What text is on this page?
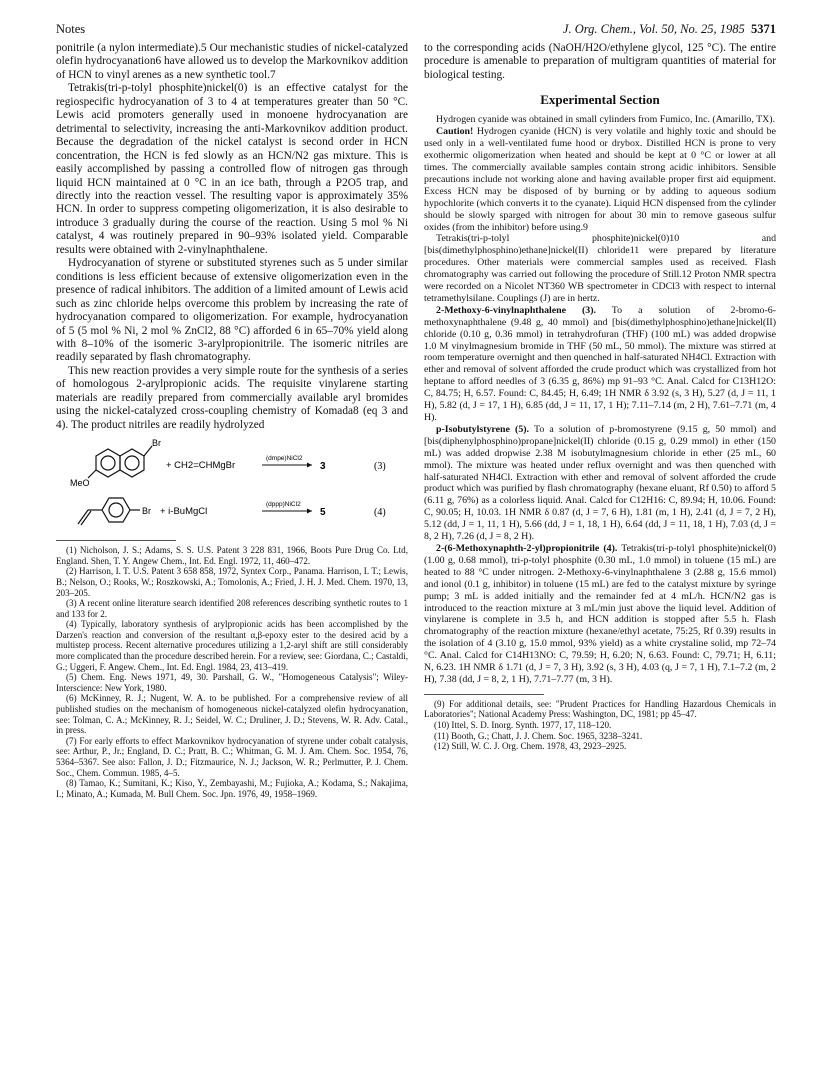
Notes	J. Org. Chem., Vol. 50, No. 25, 1985 5371

ponitrile (a nylon intermediate).5 Our mechanistic studies of nickel-catalyzed olefin hydrocyanation6 have allowed us to develop the Markovnikov addition of HCN to vinyl arenes as a new synthetic tool.7

Tetrakis(tri-p-tolyl phosphite)nickel(0) is an effective catalyst for the regiospecific hydrocyanation of 3 to 4 at temperatures greater than 50 °C. Lewis acid promoters generally used in monoene hydrocyanation are detrimental to selectivity, increasing the anti-Markovnikov addition product. Because the degradation of the nickel catalyst is second order in HCN concentration, the HCN is fed slowly as an HCN/N2 gas mixture. This is easily accomplished by passing a controlled flow of nitrogen gas through liquid HCN maintained at 0 °C in an ice bath, through a P2O5 trap, and directly into the reaction vessel. The resulting vapor is approximately 35% HCN. In order to suppress competing oligomerization, it is also desirable to introduce 3 gradually during the course of the reaction. Using 5 mol % Ni catalyst, 4 was routinely prepared in 90–93% isolated yield. Comparable results were obtained with 2-vinylnaphthalene.

Hydrocyanation of styrene or substituted styrenes such as 5 under similar conditions is less efficient because of extensive oligomerization even in the presence of radical inhibitors. The addition of a limited amount of Lewis acid such as zinc chloride helps overcome this problem by increasing the rate of hydrocyanation compared to oligomerization. For example, hydrocyanation of 5 (5 mol % Ni, 2 mol % ZnCl2, 88 °C) afforded 6 in 65–70% yield along with 8–10% of the isomeric 3-arylpropionitrile. The isomeric nitriles are readily separated by flash chromatography.

This new reaction provides a very simple route for the synthesis of a series of homologous 2-arylpropionic acids. The requisite vinylarene starting materials are readily prepared from commercially available aryl bromides using the nickel-catalyzed cross-coupling chemistry of Komada8 (eq 3 and 4). The product nitriles are readily hydrolyzed

Br
MeO
+ CH2=CHMgBr
(dmpe)NiCl2
3	(3)
Br + i-BuMgCl
(dppp)NiCl2
5	(4)

(1) Nicholson, J. S.; Adams, S. S. U.S. Patent 3 228 831, 1966, Boots Pure Drug Co. Ltd, England. Shen, T. Y. Angew Chem., Int. Ed. Engl. 1972, 11, 460–472.

(2) Harrison, I. T. U.S. Patent 3 658 858, 1972, Syntex Corp., Panama. Harrison, I. T.; Lewis, B.; Nelson, O.; Rooks, W.; Roszkowski, A.; Tomolonis, A.; Fried, J. H. J. Med. Chem. 1970, 13, 203–205.

(3) A recent online literature search identified 208 references describing synthetic routes to 1 and 133 for 2.

(4) Typically, laboratory synthesis of arylpropionic acids has been accomplished by the Darzen's reaction and conversion of the resultant α,β-epoxy ester to the desired acid by a multistep process. Recent alternative procedures utilizing a 1,2-aryl shift are still considerably more complicated than the procedure described herein. For a review, see: Giordana, C.; Castaldi, G.; Uggeri, F. Angew. Chem., Int. Ed. Engl. 1984, 23, 413–419.

(5) Chem. Eng. News 1971, 49, 30. Parshall, G. W., "Homogeneous Catalysis"; Wiley-Interscience: New York, 1980.

(6) McKinney, R. J.; Nugent, W. A. to be published. For a comprehensive review of all published studies on the mechanism of homogeneous nickel-catalyzed olefin hydrocyanation, see: Tolman, C. A.; McKinney, R. J.; Seidel, W. C.; Druliner, J. D.; Stevens, W. R. Adv. Catal., in press.

(7) For early efforts to effect Markovnikov hydrocyanation of styrene under cobalt catalysis, see: Arthur, P., Jr.; England, D. C.; Pratt, B. C.; Whitman, G. M. J. Am. Chem. Soc. 1954, 76, 5364–5367. See also: Fallon, J. D.; Fitzmaurice, N. J.; Jackson, W. R.; Perlmutter, P. J. Chem. Soc., Chem. Commun. 1985, 4–5.

(8) Tamao, K.; Sumitani, K.; Kiso, Y., Zembayashi, M.; Fujioka, A.; Kodama, S.; Nakajima, I.; Minato, A.; Kumada, M. Bull Chem. Soc. Jpn. 1976, 49, 1958–1969.

to the corresponding acids (NaOH/H2O/ethylene glycol, 125 °C). The entire procedure is amenable to preparation of multigram quantities of material for biological testing.

Experimental Section

Hydrogen cyanide was obtained in small cylinders from Fumico, Inc. (Amarillo, TX).

Caution! Hydrogen cyanide (HCN) is very volatile and highly toxic and should be used only in a well-ventilated fume hood or drybox. Distilled HCN is prone to very exothermic oligomerization when heated and should be kept at 0 °C or lower at all times. The commercially available samples contain strong acidic inhibitors. Sensible precautions include not working alone and having available proper first aid equipment. Excess HCN may be disposed of by burning or by adding to aqueous sodium hypochlorite (which converts it to the cyanate). Liquid HCN dispensed from the cylinder should be slowly sparged with nitrogen for about 30 min to remove gaseous sulfur oxides (from the inhibitor) before using.9

Tetrakis(tri-p-tolyl phosphite)nickel(0)10 and [bis(dimethylphosphino)ethane]nickel(II) chloride11 were prepared by literature procedures. Other materials were commercial samples used as received. Flash chromatography was carried out following the procedure of Still.12 Proton NMR spectra were recorded on a Nicolet NT360 WB spectrometer in CDCl3 with respect to internal tetramethylsilane. Couplings (J) are in hertz.

2-Methoxy-6-vinylnaphthalene (3). To a solution of 2-bromo-6-methoxynaphthalene (9.48 g, 40 mmol) and [bis(dimethylphosphino)ethane]nickel(II) chloride (0.10 g, 0.36 mmol) in tetrahydrofuran (THF) (100 mL) was added dropwise 1.0 M vinylmagnesium bromide in THF (50 mL, 50 mmol). The mixture was stirred at room temperature overnight and then quenched in half-saturated NH4Cl. Extraction with ether and removal of solvent afforded the crude product which was crystallized from hot heptane to afford needles of 3 (6.35 g, 86%) mp 91–93 °C. Anal. Calcd for C13H12O: C, 84.75; H, 6.57. Found: C, 84.45; H, 6.49; 1H NMR δ 3.92 (s, 3 H), 5.27 (d, J = 11, 1 H), 5.82 (d, J = 17, 1 H), 6.85 (dd, J = 11, 17, 1 H); 7.11–7.14 (m, 2 H), 7.61–7.71 (m, 4 H).

p-Isobutylstyrene (5). To a solution of p-bromostyrene (9.15 g, 50 mmol) and [bis(diphenylphosphino)propane]nickel(II) chloride (0.15 g, 0.29 mmol) in ether (150 mL) was added dropwise 2.38 M isobutylmagnesium chloride in ether (25 mL, 60 mmol). The mixture was heated under reflux overnight and was then quenched with half-saturated NH4Cl. Extraction with ether and removal of solvent afforded the crude product which was purified by flash chromatography (hexane eluant, Rf 0.50) to afford 5 (6.11 g, 76%) as a colorless liquid. Anal. Calcd for C12H16: C, 89.94; H, 10.06. Found: C, 90.05; H, 10.03. 1H NMR δ 0.87 (d, J = 7, 6 H), 1.81 (m, 1 H), 2.41 (d, J = 7, 2 H), 5.12 (dd, J = 1, 11, 1 H), 5.66 (dd, J = 1, 18, 1 H), 6.64 (dd, J = 11, 18, 1 H), 7.03 (d, J = 8, 2 H), 7.26 (d, J = 8, 2 H).

2-(6-Methoxynaphth-2-yl)propionitrile (4). Tetrakis(tri-p-tolyl phosphite)nickel(0) (1.00 g, 0.68 mmol), tri-p-tolyl phosphite (0.30 mL, 1.0 mmol) in toluene (15 mL) are heated to 88 °C under nitrogen. 2-Methoxy-6-vinylnaphthalene 3 (2.88 g, 15.6 mmol) and ionol (0.1 g, inhibitor) in toluene (15 mL) are fed to the catalyst mixture by syringe pump; 3 mL is added initially and the remainder fed at 4 mL/h. HCN/N2 gas is introduced to the reaction mixture at 3 mL/min just above the liquid level. Addition of vinylarene is complete in 3.5 h, and HCN addition is stopped after 5.5 h. Flash chromatography of the reaction mixture (hexane/ethyl acetate, 75:25, Rf 0.39) results in the isolation of 4 (3.10 g, 15.0 mmol, 93% yield) as a white crystaline solid, mp 72–74 °C. Anal. Calcd for C14H13NO: C, 79.59; H, 6.20; N, 6.63. Found: C, 79.71; H, 6.11; N, 6.23. 1H NMR δ 1.71 (d, J = 7, 3 H), 3.92 (s, 3 H), 4.03 (q, J = 7, 1 H), 7.1–7.2 (m, 2 H), 7.38 (dd, J = 8, 2, 1 H), 7.71–7.77 (m, 3 H).

(9) For additional details, see: "Prudent Practices for Handling Hazardous Chemicals in Laboratories"; National Academy Press: Washington, DC, 1981; pp 45–47.

(10) Ittel, S. D. Inorg. Synth. 1977, 17, 118–120.

(11) Booth, G.; Chatt, J. J. Chem. Soc. 1965, 3238–3241.

(12) Still, W. C. J. Org. Chem. 1978, 43, 2923–2925.
